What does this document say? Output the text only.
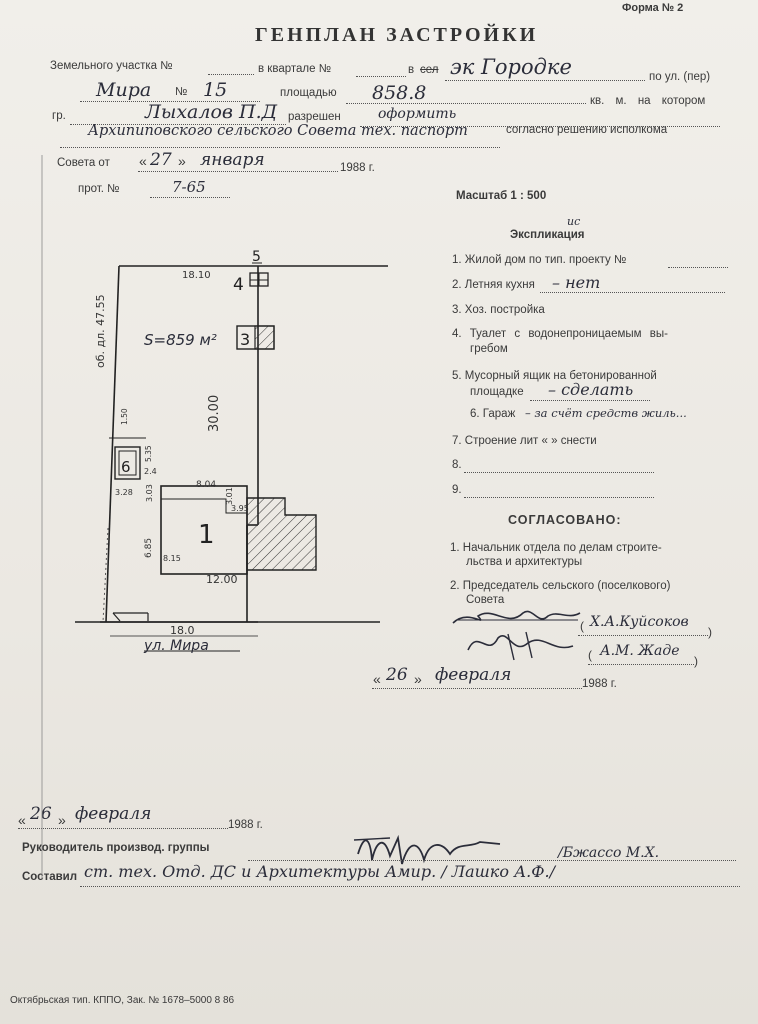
Форма № 2
ГЕНПЛАН ЗАСТРОЙКИ
Земельного участка №	в квартале №	в сел эк Городке	по ул. (пер)
Мира № 15	площадью 858.8	кв. м. на котором
гр.	Лыхалов П.Д разрешен	оформить
Архипиповского сельского Совета тех. паспорт	согласно решению исполкома
Совета от « 27 » января	1988 г.
прот. №	7-65	Масштаб 1 : 500
Экспликация
ис
1. Жилой дом по тип. проекту №
2. Летняя кухня – нет
3. Хоз. постройка
4. Туалет с водонепроницаемым вы-
гребом
5. Мусорный ящик на бетонированной
площадке – сделать
6. Гараж – за счёт средств жиль...
7. Строение лит « » снести
8.
9.
СОГЛАСОВАНО:
1. Начальник отдела по делам строите-
льства и архитектуры
2. Председатель сельского (поселкового)
Совета
( Х.А.Куйсоков
)
( А.М. Жаде
)
« 26 » февраля	1988 г.
« 26 » февраля
1988 г.
Руководитель производ. группы	/Бжассо М.Х.
Составил ст. тех. Отд. ДС и Архитектуры Амир. / Лашко А.Ф./
Октябрьская тип. КППО, Зак. № 1678–5000 8 86
1
3
4
5
6
18.10
об. дл. 47.55
30.00
12.00
18.0
8.04
3.95
3.03	3.01
6.85
8.15
3.28
2.4
5.35
1.50
S=859 м²
ул. Мира
